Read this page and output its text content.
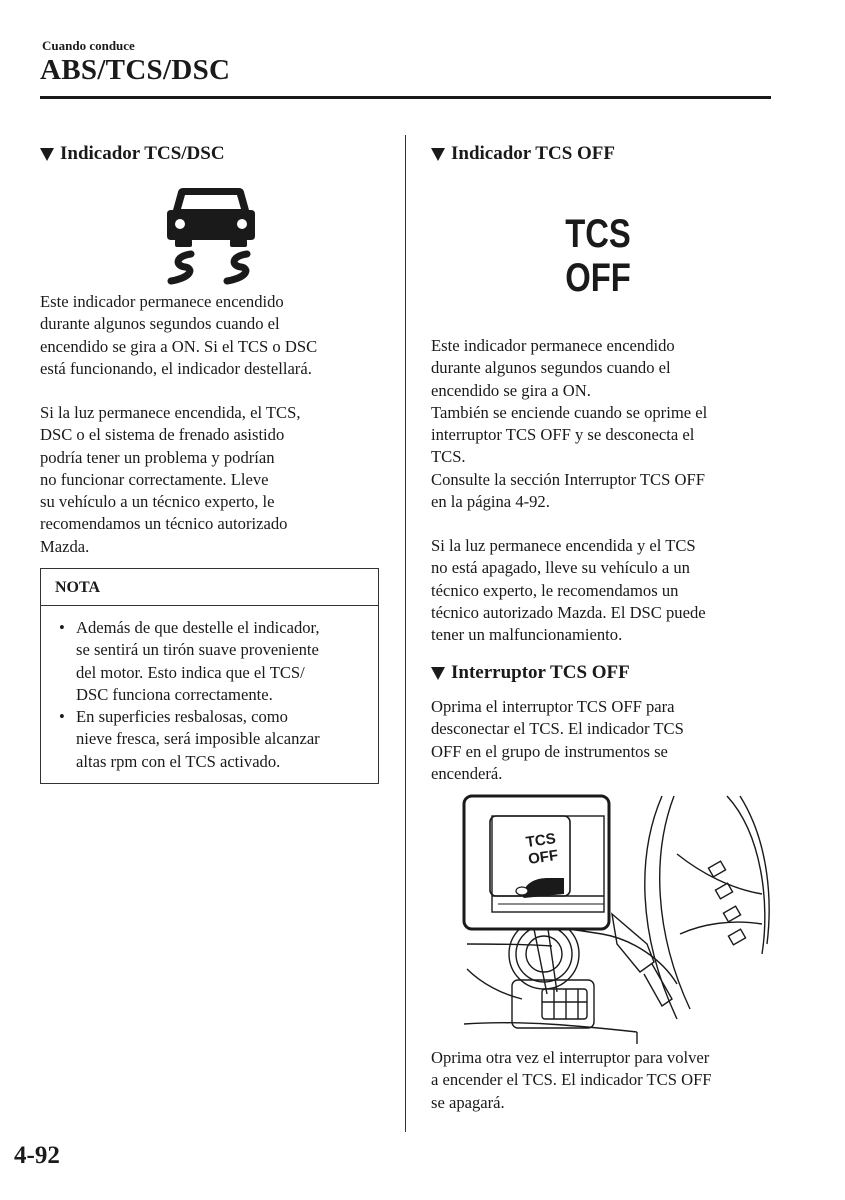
Cuando conduce
ABS/TCS/DSC
Indicador TCS/DSC

Este indicador permanece encendido

durante algunos segundos cuando el

encendido se gira a ON. Si el TCS o DSC

está funcionando, el indicador destellará.

Si la luz permanece encendida, el TCS,

DSC o el sistema de frenado asistido

podría tener un problema y podrían

no funcionar correctamente. Lleve

su vehículo a un técnico experto, le

recomendamos un técnico autorizado

Mazda.

NOTA
• Además de que destelle el indicador,
se sentirá un tirón suave proveniente
del motor. Esto indica que el TCS/
DSC funciona correctamente.
• En superficies resbalosas, como
nieve fresca, será imposible alcanzar
altas rpm con el TCS activado.
Indicador TCS OFF
TCS
OFF

Este indicador permanece encendido

durante algunos segundos cuando el

encendido se gira a ON.

También se enciende cuando se oprime el

interruptor TCS OFF y se desconecta el

TCS.

Consulte la sección Interruptor TCS OFF

en la página 4-92.

Si la luz permanece encendida y el TCS

no está apagado, lleve su vehículo a un

técnico experto, le recomendamos un

técnico autorizado Mazda. El DSC puede

tener un malfuncionamiento.

Interruptor TCS OFF

Oprima el interruptor TCS OFF para

desconectar el TCS. El indicador TCS

OFF en el grupo de instrumentos se

encenderá.

TCS
OFF

Oprima otra vez el interruptor para volver

a encender el TCS. El indicador TCS OFF

se apagará.

4-92
